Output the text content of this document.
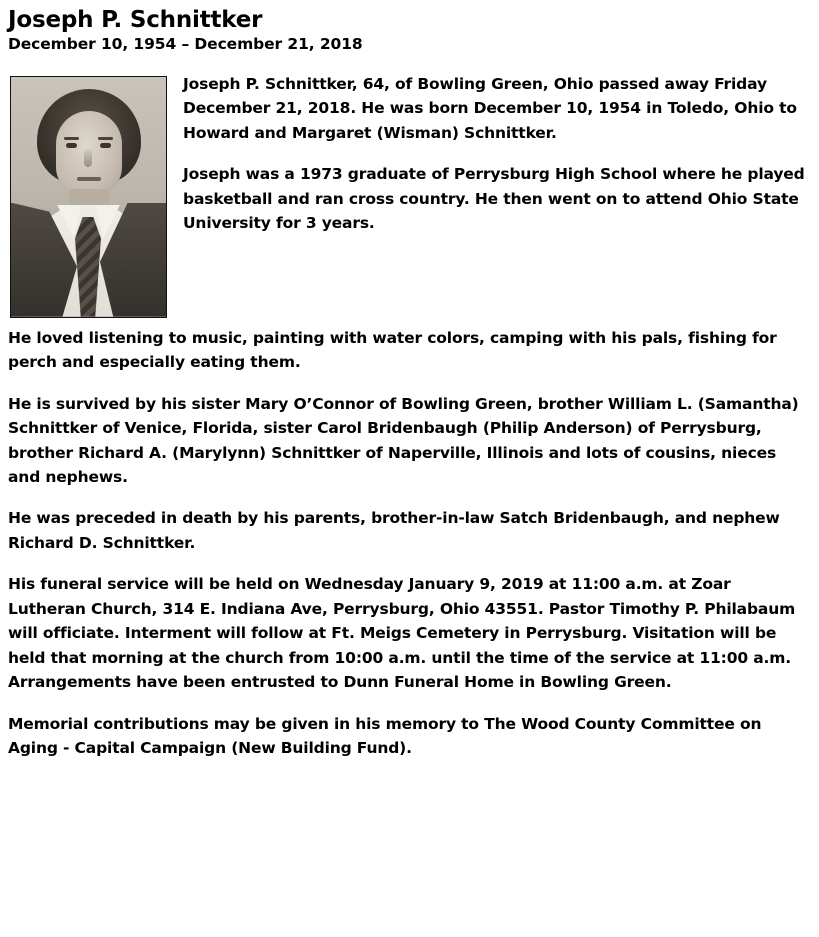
Joseph P. Schnittker
December 10, 1954 – December 21, 2018

Joseph P. Schnittker, 64, of Bowling Green, Ohio passed away Friday December 21, 2018. He was born December 10, 1954 in Toledo, Ohio to Howard and Margaret (Wisman) Schnittker.

Joseph was a 1973 graduate of Perrysburg High School where he played basketball and ran cross country. He then went on to attend Ohio State University for 3 years.

He loved listening to music, painting with water colors, camping with his pals, fishing for perch and especially eating them.

He is survived by his sister Mary O’Connor of Bowling Green, brother William L. (Samantha) Schnittker of Venice, Florida, sister Carol Bridenbaugh (Philip Anderson) of Perrysburg, brother Richard A. (Marylynn) Schnittker of Naperville, Illinois and lots of cousins, nieces and nephews.

He was preceded in death by his parents, brother-in-law Satch Bridenbaugh, and nephew Richard D. Schnittker.

His funeral service will be held on Wednesday January 9, 2019 at 11:00 a.m. at Zoar Lutheran Church, 314 E. Indiana Ave, Perrysburg, Ohio 43551. Pastor Timothy P. Philabaum will officiate. Interment will follow at Ft. Meigs Cemetery in Perrysburg. Visitation will be held that morning at the church from 10:00 a.m. until the time of the service at 11:00 a.m. Arrangements have been entrusted to Dunn Funeral Home in Bowling Green.

Memorial contributions may be given in his memory to The Wood County Committee on Aging - Capital Campaign (New Building Fund).
